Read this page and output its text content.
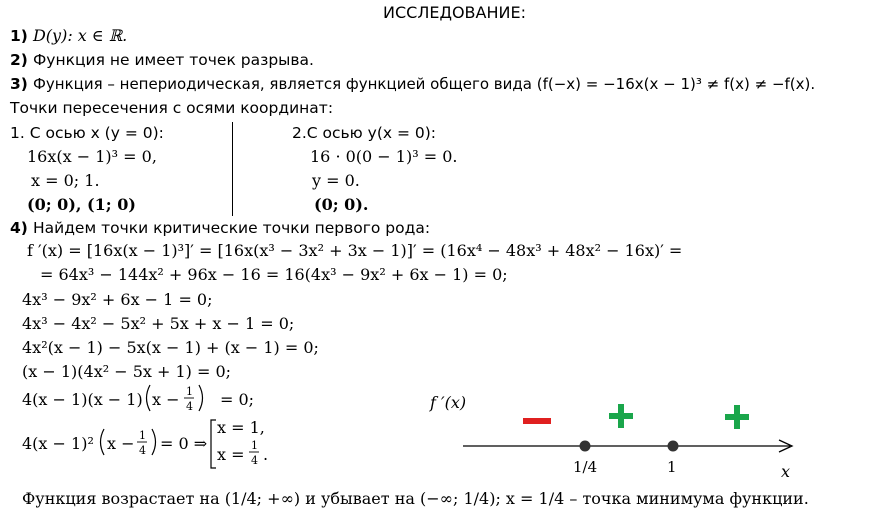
ИССЛЕДОВАНИЕ:
1) D(y): x ∈ ℝ.
2) Функция не имеет точек разрыва.
3) Функция – непериодическая, является функцией общего вида (f(−x) = −16x(x − 1)³ ≠ f(x) ≠ −f(x).
Точки пересечения с осями координат:
1. С осью x (y = 0):
16x(x − 1)³ = 0,
x = 0; 1.
(0; 0), (1; 0)
2.С осью y(x = 0):
16 · 0(0 − 1)³ = 0.
y = 0.
(0; 0).
4) Найдем точки критические точки первого рода:
f ′(x) = [16x(x − 1)³]′ = [16x(x³ − 3x² + 3x − 1)]′ = (16x⁴ − 48x³ + 48x² − 16x)′ =
= 64x³ − 144x² + 96x − 16 = 16(4x³ − 9x² + 6x − 1) = 0;
4x³ − 9x² + 6x − 1 = 0;
4x³ − 4x² − 5x² + 5x + x − 1 = 0;
4x²(x − 1) − 5x(x − 1) + (x − 1) = 0;
(x − 1)(4x² − 5x + 1) = 0;
4(x − 1)(x − 1) x −	= 0;
4(x − 1)² x − = 0 ⇒
x = 1,
x = .
Функция возрастает на (1/4; +∞) и убывает на (−∞; 1/4); x = 1/4 – точка минимума функции.
1
4
1
4	1
4
f ′(x)
1/4	1	x
